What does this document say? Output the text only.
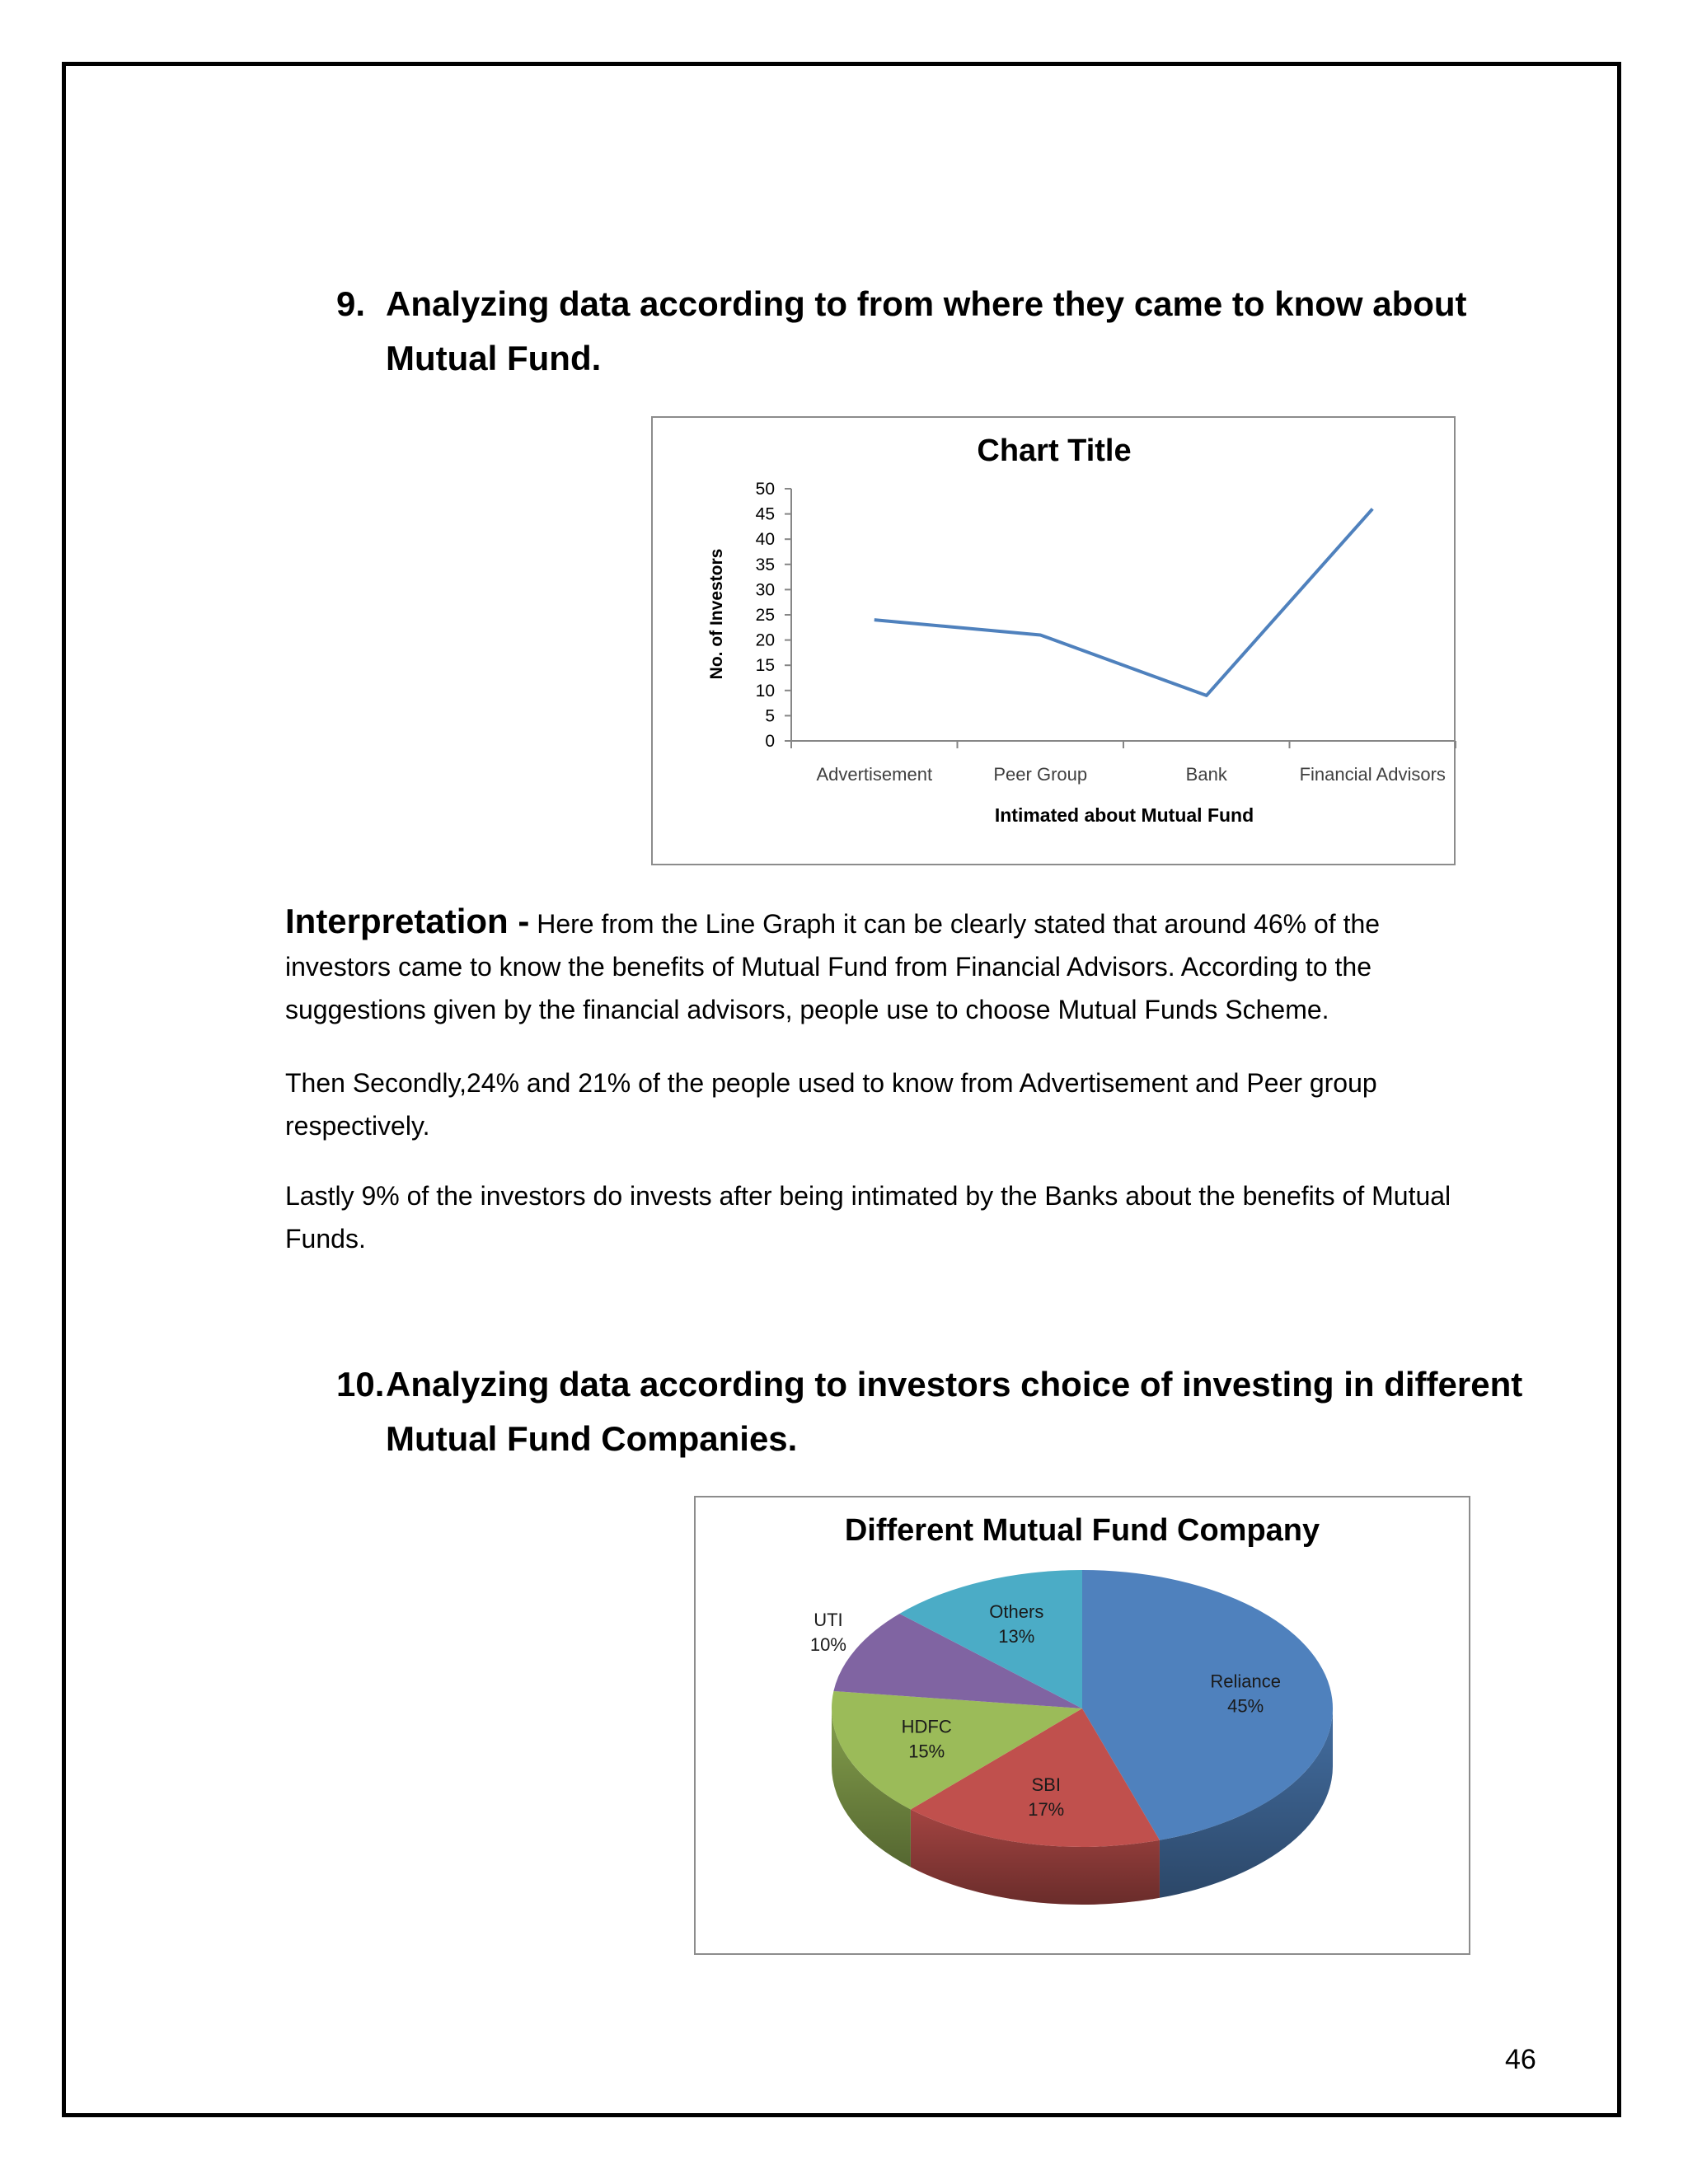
9. Analyzing data according to from where they came to know about
Mutual Fund.
Chart Title
No. of Investors
Intimated about Mutual Fund
0
5
10
15
20
25
30
35
40
45
50
Advertisement	Peer Group	Bank	Financial Advisors

Interpretation - Here from the Line Graph it can be clearly stated that around 46% of the investors came to know the benefits of Mutual Fund from Financial Advisors. According to the suggestions given by the financial advisors, people use to choose Mutual Funds Scheme.

Then Secondly,24% and 21% of the people used to know from Advertisement and Peer group respectively.

Lastly 9% of the investors do invests after being intimated by the Banks about the benefits of Mutual Funds.

10. Analyzing data according to investors choice of investing in different
Mutual Fund Companies.
Different Mutual Fund Company
Reliance
45%
SBI
17%
HDFC
15%
UTI
10%
Others
13%
46
